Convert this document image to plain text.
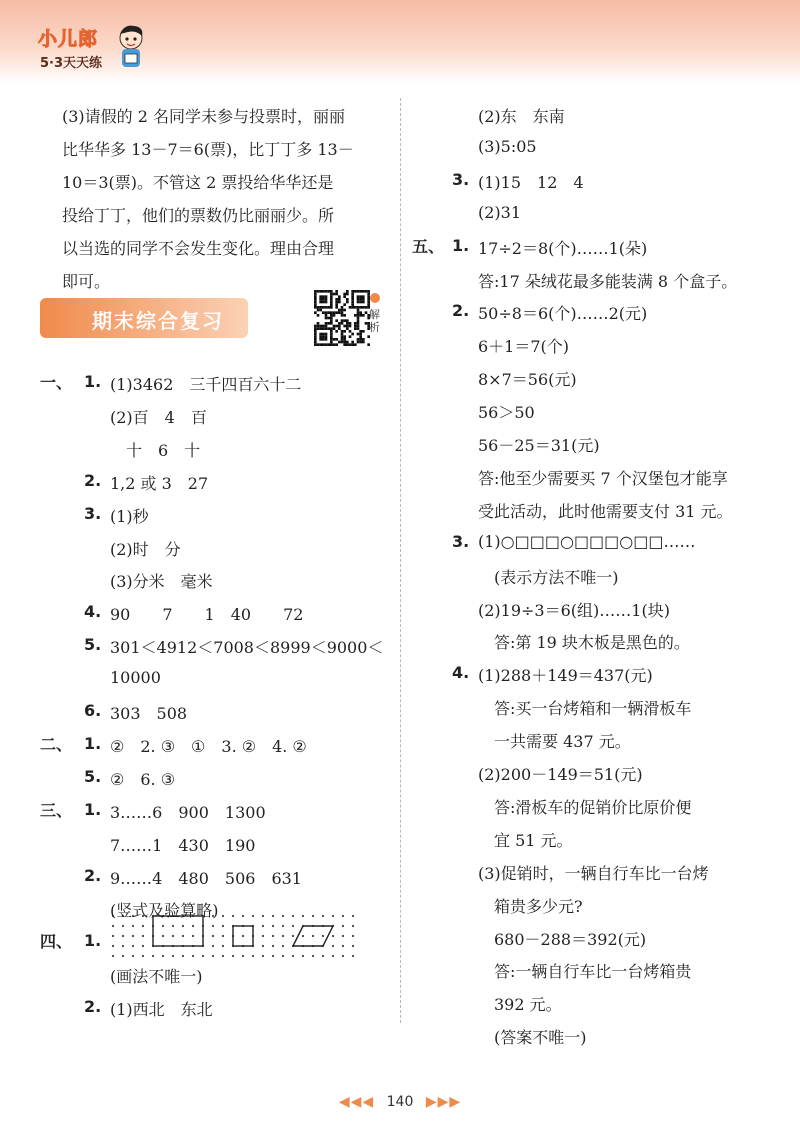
小儿郎
5·3天天练
期末综合复习	解析
◀◀◀ 140 ▶▶▶
(3)请假的 2 名同学未参与投票时，丽丽
比华华多 13－7＝6(票)，比丁丁多 13－
10＝3(票)。不管这 2 票投给华华还是
投给丁丁，他们的票数仍比丽丽少。所
以当选的同学不会发生变化。理由合理
即可。
一、 1. (1)3462　三千四百六十二
(2)百　4　百
　十　6　十
2. 1,2 或 3　27
3. (1)秒
(2)时　分
(3)分米　毫米
4. 90　　7　　1　40　　72
5. 301＜4912＜7008＜8999＜9000＜
10000
6. 303　508
二、 1. ②　2. ③　①　3. ②　4. ②
5. ②　6. ③
三、 1. 3……6　900　1300
7……1　430　190
2. 9……4　480　506　631
(竖式及验算略)
四、 1.
(画法不唯一)
2. (1)西北　东北
(2)东　东南
(3)5:05
3. (1)15　12　4
(2)31
五、 1. 17÷2＝8(个)……1(朵)
答:17 朵绒花最多能装满 8 个盒子。
2. 50÷8＝6(个)……2(元)
6＋1＝7(个)
8×7＝56(元)
56＞50
56－25＝31(元)
答:他至少需要买 7 个汉堡包才能享
受此活动，此时他需要支付 31 元。
3. (1)○□□□○□□□○□□……
　(表示方法不唯一)
(2)19÷3＝6(组)……1(块)
　答:第 19 块木板是黑色的。
4. (1)288＋149＝437(元)
　答:买一台烤箱和一辆滑板车
　一共需要 437 元。
(2)200－149＝51(元)
　答:滑板车的促销价比原价便
　宜 51 元。
(3)促销时，一辆自行车比一台烤
　箱贵多少元?
　680－288＝392(元)
　答:一辆自行车比一台烤箱贵
　392 元。
　(答案不唯一)
